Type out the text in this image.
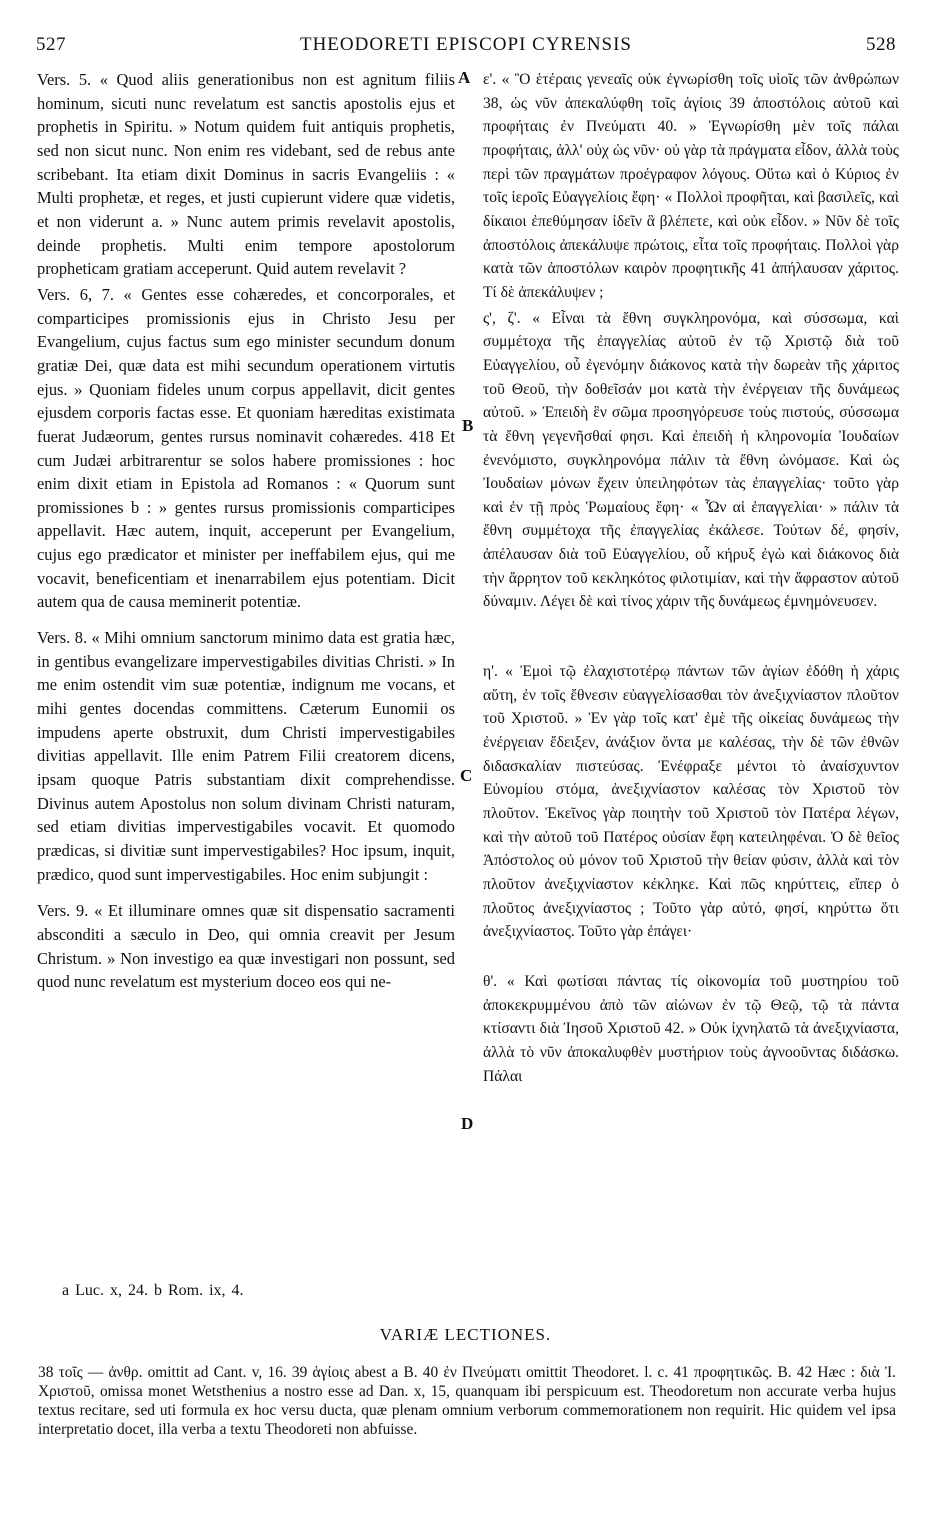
527	THEODORETI EPISCOPI CYRENSIS	528

Vers. 5. « Quod aliis generationibus non est agnitum filiis hominum, sicuti nunc revelatum est sanctis apostolis ejus et prophetis in Spiritu. » Notum quidem fuit antiquis prophetis, sed non sicut nunc. Non enim res videbant, sed de rebus ante scribebant. Ita etiam dixit Dominus in sacris Evangeliis : « Multi prophetæ, et reges, et justi cupierunt videre quæ videtis, et non viderunt a. » Nunc autem primis revelavit apostolis, deinde prophetis. Multi enim tempore apostolorum propheticam gratiam acceperunt. Quid autem revelavit ?

Vers. 6, 7. « Gentes esse cohæredes, et concorporales, et comparticipes promissionis ejus in Christo Jesu per Evangelium, cujus factus sum ego minister secundum donum gratiæ Dei, quæ data est mihi secundum operationem virtutis ejus. » Quoniam fideles unum corpus appellavit, dicit gentes ejusdem corporis factas esse. Et quoniam hæreditas existimata fuerat Judæorum, gentes rursus nominavit cohæredes. 418 Et cum Judæi arbitrarentur se solos habere promissiones : hoc enim dixit etiam in Epistola ad Romanos : « Quorum sunt promissiones b : » gentes rursus promissionis comparticipes appellavit. Hæc autem, inquit, acceperunt per Evangelium, cujus ego prædicator et minister per ineffabilem ejus, qui me vocavit, beneficentiam et inenarrabilem ejus potentiam. Dicit autem qua de causa meminerit potentiæ.

Vers. 8. « Mihi omnium sanctorum minimo data est gratia hæc, in gentibus evangelizare impervestigabiles divitias Christi. » In me enim ostendit vim suæ potentiæ, indignum me vocans, et mihi gentes docendas committens. Cæterum Eunomii os impudens aperte obstruxit, dum Christi impervestigabiles divitias appellavit. Ille enim Patrem Filii creatorem dicens, ipsam quoque Patris substantiam dixit comprehendisse. Divinus autem Apostolus non solum divinam Christi naturam, sed etiam divitias impervestigabiles vocavit. Et quomodo prædicas, si divitiæ sunt impervestigabiles? Hoc ipsum, inquit, prædico, quod sunt impervestigabiles. Hoc enim subjungit :

Vers. 9. « Et illuminare omnes quæ sit dispensatio sacramenti absconditi a sæculo in Deo, qui omnia creavit per Jesum Christum. » Non investigo ea quæ investigari non possunt, sed quod nunc revelatum est mysterium doceo eos qui ne-

A
B
C
D

ε'. « Ὃ ἑτέραις γενεαῖς οὐκ ἐγνωρίσθη τοῖς υἱοῖς τῶν ἀνθρώπων 38, ὡς νῦν ἀπεκαλύφθη τοῖς ἁγίοις 39 ἀποστόλοις αὐτοῦ καὶ προφήταις ἐν Πνεύματι 40. » Ἐγνωρίσθη μὲν τοῖς πάλαι προφήταις, ἀλλ' οὐχ ὡς νῦν· οὐ γὰρ τὰ πράγματα εἶδον, ἀλλὰ τοὺς περὶ τῶν πραγμάτων προέγραφον λόγους. Οὕτω καὶ ὁ Κύριος ἐν τοῖς ἱεροῖς Εὐαγγελίοις ἔφη· « Πολλοὶ προφῆται, καὶ βασιλεῖς, καὶ δίκαιοι ἐπεθύμησαν ἰδεῖν ἃ βλέπετε, καὶ οὐκ εἶδον. » Νῦν δὲ τοῖς ἀποστόλοις ἀπεκάλυψε πρώτοις, εἶτα τοῖς προφήταις. Πολλοὶ γὰρ κατὰ τῶν ἀποστόλων καιρὸν προφητικῆς 41 ἀπήλαυσαν χάριτος. Τί δὲ ἀπεκάλυψεν ;

ς', ζ'. « Εἶναι τὰ ἔθνη συγκληρονόμα, καὶ σύσσωμα, καὶ συμμέτοχα τῆς ἐπαγγελίας αὐτοῦ ἐν τῷ Χριστῷ διὰ τοῦ Εὐαγγελίου, οὗ ἐγενόμην διάκονος κατὰ τὴν δωρεὰν τῆς χάριτος τοῦ Θεοῦ, τὴν δοθεῖσάν μοι κατὰ τὴν ἐνέργειαν τῆς δυνάμεως αὐτοῦ. » Ἐπειδὴ ἓν σῶμα προσηγόρευσε τοὺς πιστούς, σύσσωμα τὰ ἔθνη γεγενῆσθαί φησι. Καὶ ἐπειδὴ ἡ κληρονομία Ἰουδαίων ἐνενόμιστο, συγκληρονόμα πάλιν τὰ ἔθνη ὠνόμασε. Καὶ ὡς Ἰουδαίων μόνων ἔχειν ὑπειληφότων τὰς ἐπαγγελίας· τοῦτο γὰρ καὶ ἐν τῇ πρὸς Ῥωμαίους ἔφη· « Ὧν αἱ ἐπαγγελίαι· » πάλιν τὰ ἔθνη συμμέτοχα τῆς ἐπαγγελίας ἐκάλεσε. Τούτων δέ, φησίν, ἀπέλαυσαν διὰ τοῦ Εὐαγγελίου, οὗ κήρυξ ἐγὼ καὶ διάκονος διὰ τὴν ἄρρητον τοῦ κεκληκότος φιλοτιμίαν, καὶ τὴν ἄφραστον αὐτοῦ δύναμιν. Λέγει δὲ καὶ τίνος χάριν τῆς δυνάμεως ἐμνημόνευσεν.

η'. « Ἐμοὶ τῷ ἐλαχιστοτέρῳ πάντων τῶν ἁγίων ἐδόθη ἡ χάρις αὕτη, ἐν τοῖς ἔθνεσιν εὐαγγελίσασθαι τὸν ἀνεξιχνίαστον πλοῦτον τοῦ Χριστοῦ. » Ἐν γὰρ τοῖς κατ' ἐμὲ τῆς οἰκείας δυνάμεως τὴν ἐνέργειαν ἔδειξεν, ἀνάξιον ὄντα με καλέσας, τὴν δὲ τῶν ἐθνῶν διδασκαλίαν πιστεύσας. Ἐνέφραξε μέντοι τὸ ἀναίσχυντον Εὐνομίου στόμα, ἀνεξιχνίαστον καλέσας τὸν Χριστοῦ τὸν πλοῦτον. Ἐκεῖνος γὰρ ποιητὴν τοῦ Χριστοῦ τὸν Πατέρα λέγων, καὶ τὴν αὐτοῦ τοῦ Πατέρος οὐσίαν ἔφη κατειληφέναι. Ὁ δὲ θεῖος Ἀπόστολος οὐ μόνον τοῦ Χριστοῦ τὴν θείαν φύσιν, ἀλλὰ καὶ τὸν πλοῦτον ἀνεξιχνίαστον κέκληκε. Καὶ πῶς κηρύττεις, εἴπερ ὁ πλοῦτος ἀνεξιχνίαστος ; Τοῦτο γὰρ αὐτό, φησί, κηρύττω ὅτι ἀνεξιχνίαστος. Τοῦτο γὰρ ἐπάγει·

θ'. « Καὶ φωτίσαι πάντας τίς οἰκονομία τοῦ μυστηρίου τοῦ ἀποκεκρυμμένου ἀπὸ τῶν αἰώνων ἐν τῷ Θεῷ, τῷ τὰ πάντα κτίσαντι διὰ Ἰησοῦ Χριστοῦ 42. » Οὐκ ἰχνηλατῶ τὰ ἀνεξιχνίαστα, ἀλλὰ τὸ νῦν ἀποκαλυφθὲν μυστήριον τοὺς ἀγνοοῦντας διδάσκω. Πάλαι

a Luc. x, 24. b Rom. ix, 4.
VARIÆ LECTIONES.
38 τοῖς — ἀνθρ. omittit ad Cant. v, 16. 39 ἁγίοις abest a B. 40 ἐν Πνεύματι omittit Theodoret. l. c. 41 προφητικῶς. B. 42 Hæc : διὰ Ἰ. Χριστοῦ, omissa monet Wetsthenius a nostro esse ad Dan. x, 15, quanquam ibi perspicuum est. Theodoretum non accurate verba hujus textus recitare, sed uti formula ex hoc versu ducta, quæ plenam omnium verborum commemorationem non requirit. Hic quidem vel ipsa interpretatio docet, illa verba a textu Theodoreti non abfuisse.
